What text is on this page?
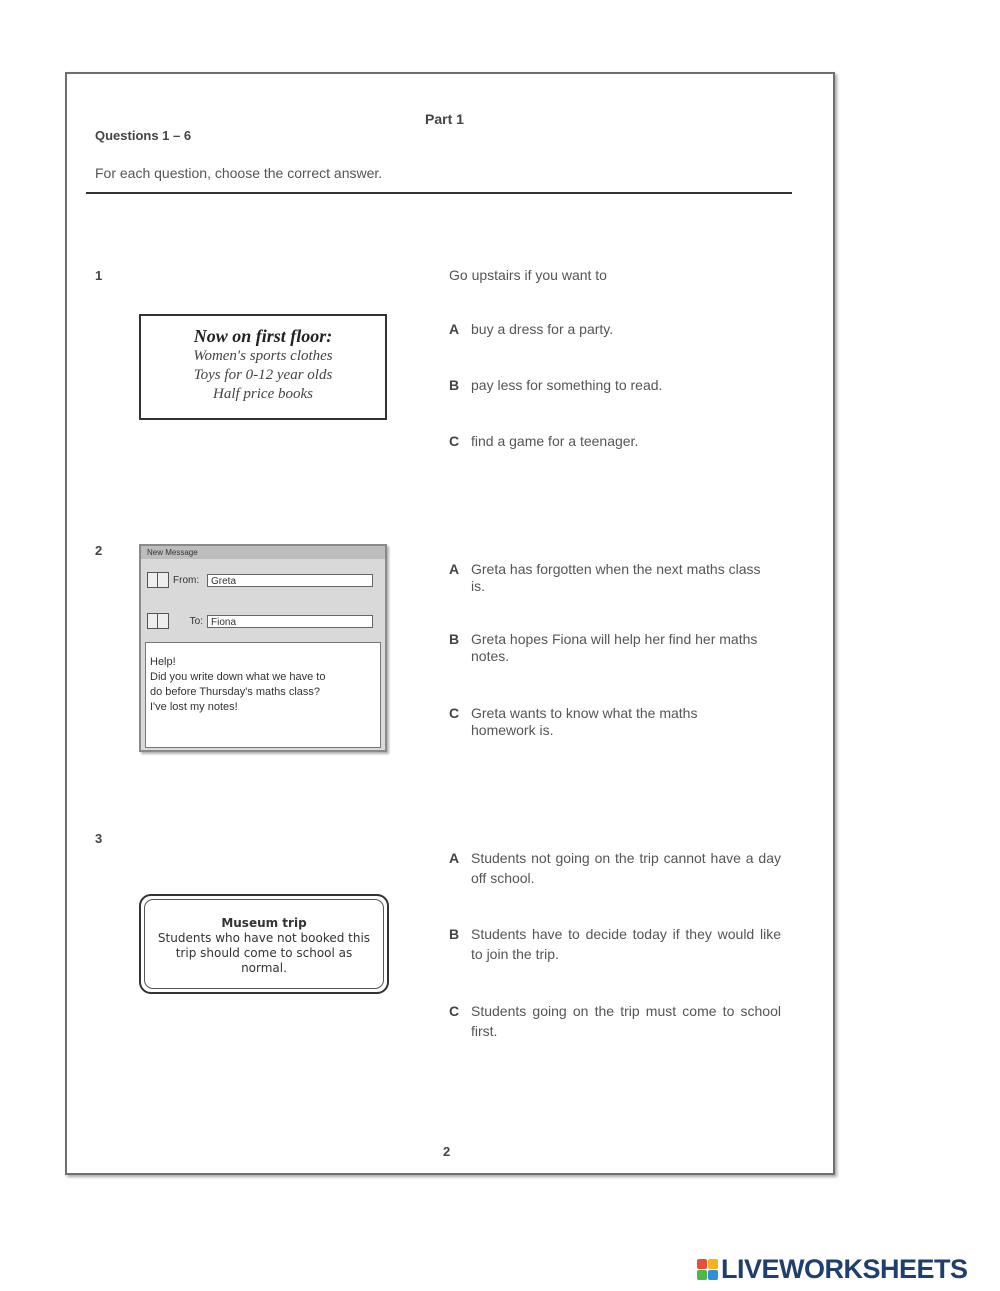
Part 1
Questions 1 – 6
For each question, choose the correct answer.
1
Now on first floor:
Women's sports clothes
Toys for 0-12 year olds
Half price books
Go upstairs if you want to
A buy a dress for a party.
B pay less for something to read.
C find a game for a teenager.
2	New Message
From:	Greta
To: Fiona
Help!
Did you write down what we have to
do before Thursday's maths class?
I've lost my notes!
A Greta has forgotten when the next maths class is.
B Greta hopes Fiona will help her find her maths notes.
C Greta wants to know what the maths homework is.
3
Museum trip
Students who have not booked this
trip should come to school as
normal.
A Students not going on the trip cannot have a day off school.
B Students have to decide today if they would like to join the trip.
C Students going on the trip must come to school first.
2
LIVEWORKSHEETS
